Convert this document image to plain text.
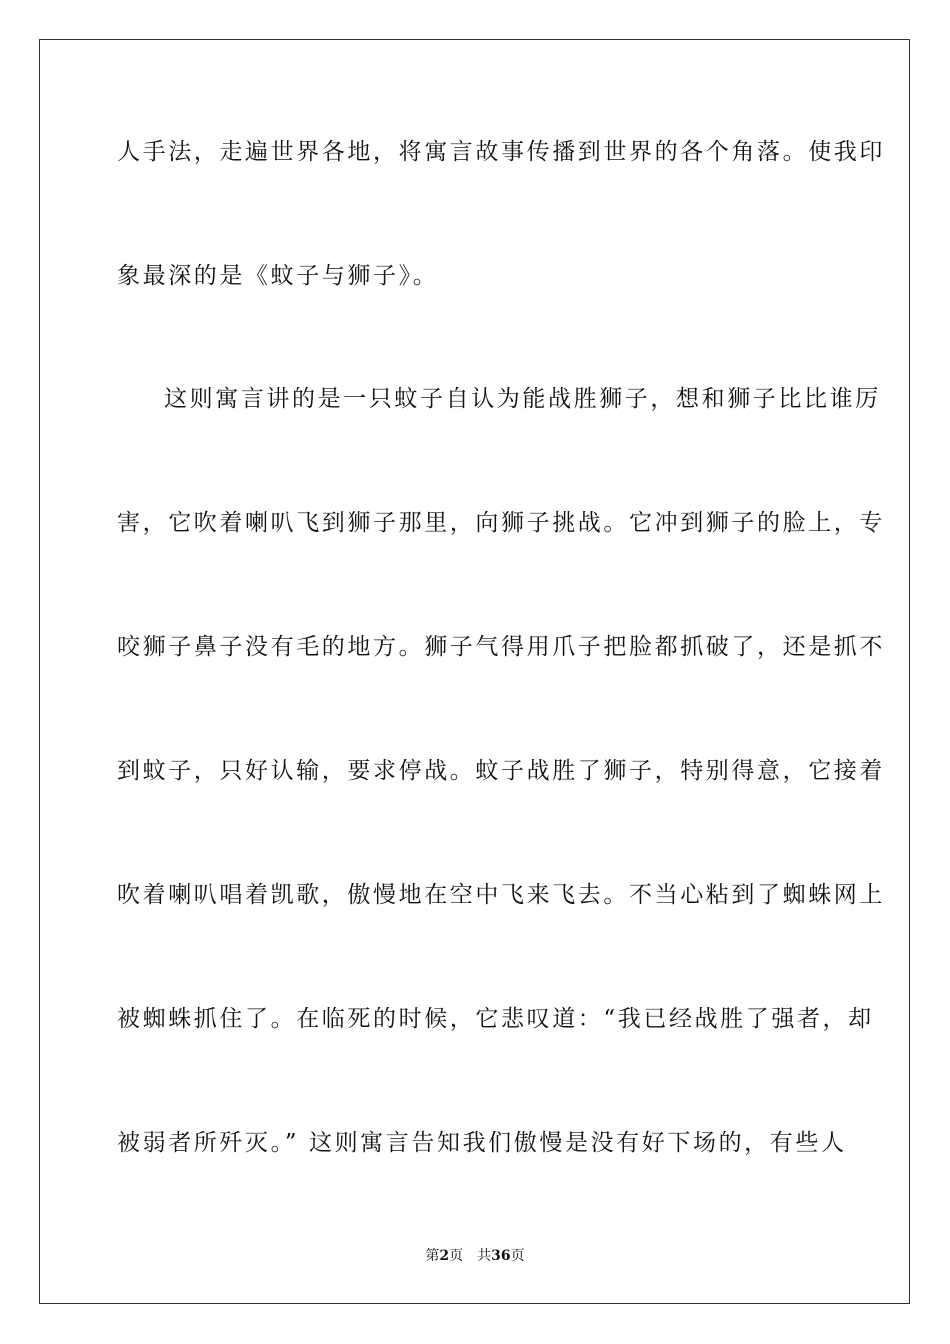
人手法，走遍世界各地，将寓言故事传播到世界的各个角落。使我印
象最深的是《蚊子与狮子》。
这则寓言讲的是一只蚊子自认为能战胜狮子，想和狮子比比谁厉
害，它吹着喇叭飞到狮子那里，向狮子挑战。它冲到狮子的脸上，专
咬狮子鼻子没有毛的地方。狮子气得用爪子把脸都抓破了，还是抓不
到蚊子，只好认输，要求停战。蚊子战胜了狮子，特别得意，它接着
吹着喇叭唱着凯歌，傲慢地在空中飞来飞去。不当心粘到了蜘蛛网上
被蜘蛛抓住了。在临死的时候，它悲叹道：“我已经战胜了强者，却
被弱者所歼灭。” 这则寓言告知我们傲慢是没有好下场的，有些人
第2页 共36页
